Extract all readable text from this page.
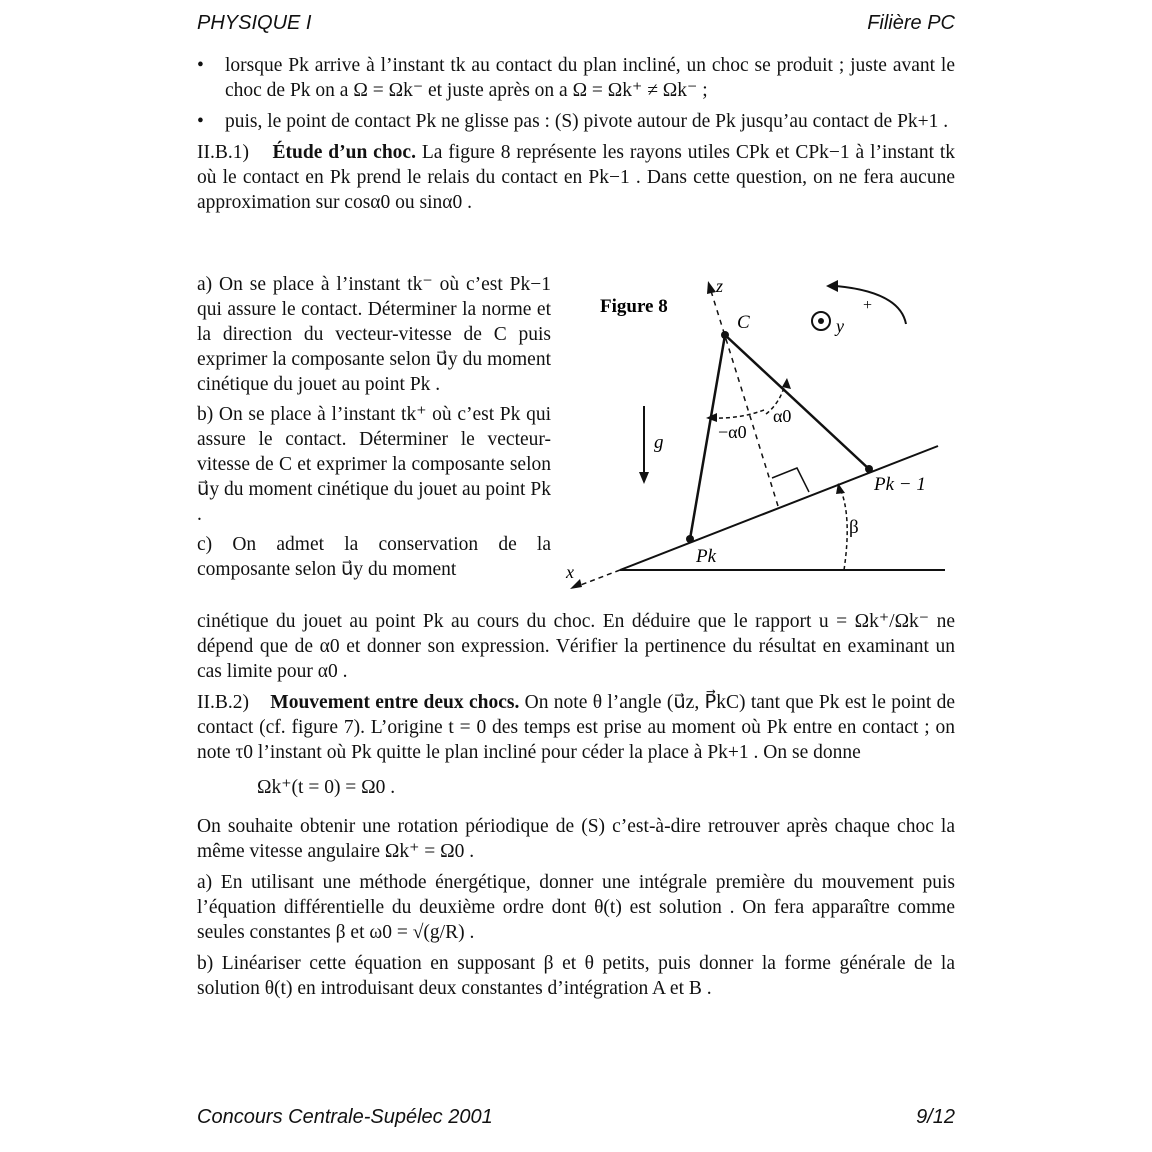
PHYSIQUE I	Filière PC

• lorsque Pk arrive à l’instant tk au contact du plan incliné, un choc se produit ; juste avant le choc de Pk on a Ω = Ωk⁻ et juste après on a Ω = Ωk⁺ ≠ Ωk⁻ ;

• puis, le point de contact Pk ne glisse pas : (S) pivote autour de Pk jusqu’au contact de Pk+1 .

II.B.1) Étude d’un choc. La figure 8 représente les rayons utiles CPk et CPk−1 à l’instant tk où le contact en Pk prend le relais du contact en Pk−1 . Dans cette question, on ne fera aucune approximation sur cosα0 ou sinα0 .

a) On se place à l’instant tk⁻ où c’est Pk−1 qui assure le contact. Déterminer la norme et la direction du vecteur-vitesse de C puis exprimer la composante selon u⃗y du moment cinétique du jouet au point Pk .

b) On se place à l’instant tk⁺ où c’est Pk qui assure le contact. Déterminer le vecteur-vitesse de C et exprimer la composante selon u⃗y du moment cinétique du jouet au point Pk .

c) On admet la conservation de la composante selon u⃗y du moment

cinétique du jouet au point Pk au cours du choc. En déduire que le rapport u = Ωk⁺/Ωk⁻ ne dépend que de α0 et donner son expression. Vérifier la pertinence du résultat en examinant un cas limite pour α0 .

II.B.2) Mouvement entre deux chocs. On note θ l’angle (u⃗z, P⃗kC) tant que Pk est le point de contact (cf. figure 7). L’origine t = 0 des temps est prise au moment où Pk entre en contact ; on note τ0 l’instant où Pk quitte le plan incliné pour céder la place à Pk+1 . On se donne

Ωk⁺(t = 0) = Ω0 .

On souhaite obtenir une rotation périodique de (S) c’est-à-dire retrouver après chaque choc la même vitesse angulaire Ωk⁺ = Ω0 .

a) En utilisant une méthode énergétique, donner une intégrale première du mouvement puis l’équation différentielle du deuxième ordre dont θ(t) est solution . On fera apparaître comme seules constantes β et ω0 = √(g/R) .

b) Linéariser cette équation en supposant β et θ petits, puis donner la forme générale de la solution θ(t) en introduisant deux constantes d’intégration A et B .

Figure 8
x
β
z
C
α0
−α0
g
y
+
Pk − 1
Pk
Concours Centrale-Supélec 2001	9/12
